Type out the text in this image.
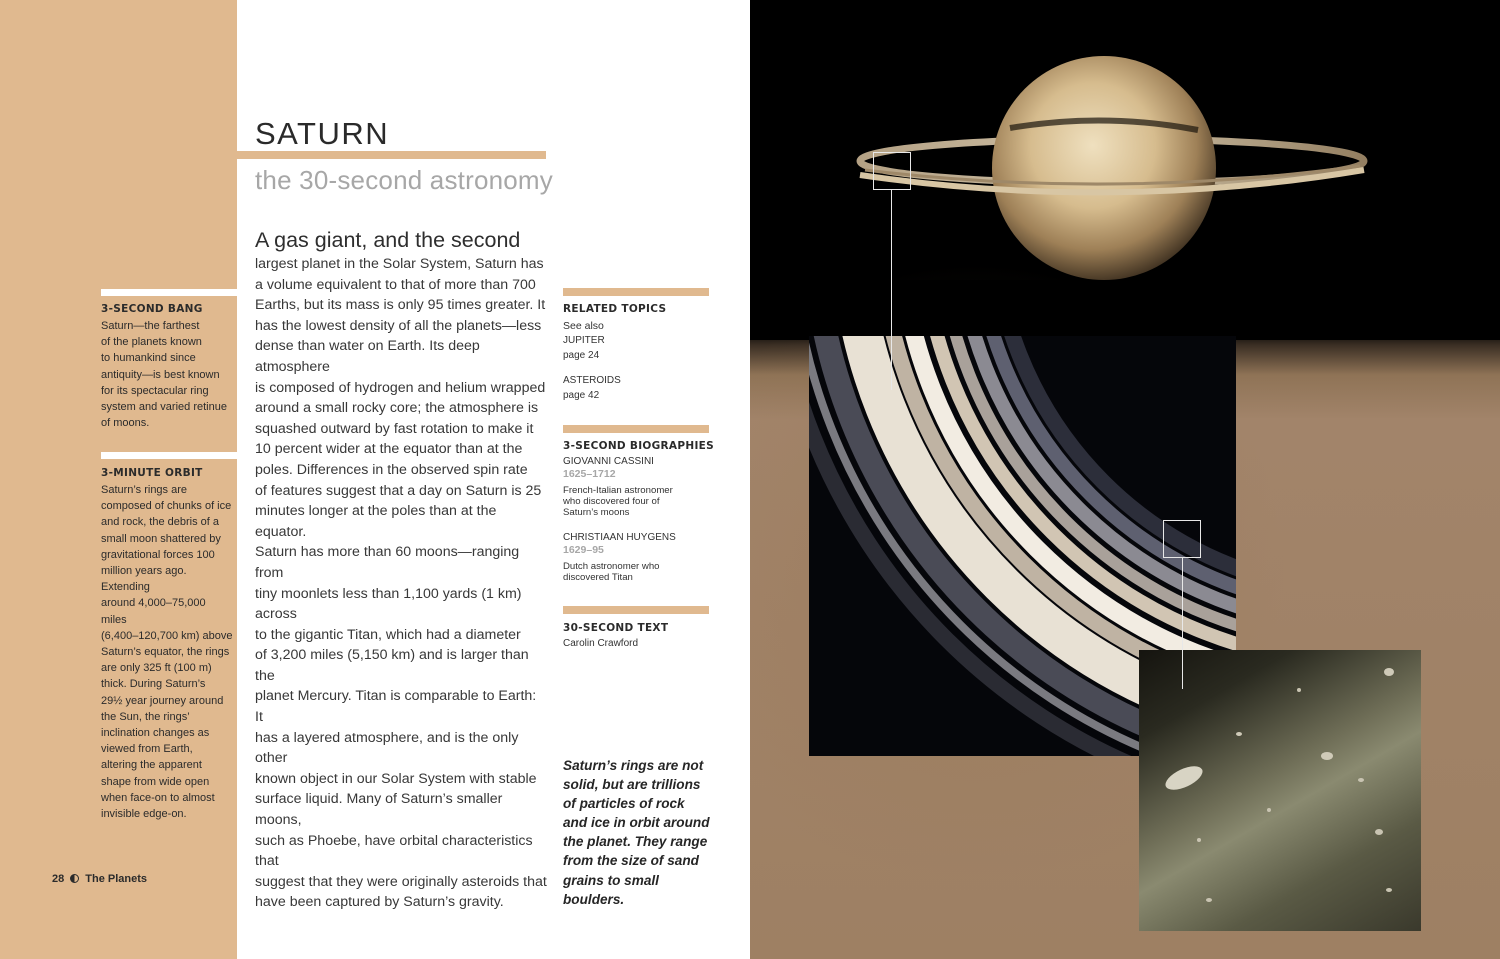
3-SECOND BANG
Saturn—the farthest
of the planets known
to humankind since
antiquity—is best known
for its spectacular ring
system and varied retinue
of moons.
3-MINUTE ORBIT
Saturn’s rings are
composed of chunks of ice
and rock, the debris of a
small moon shattered by
gravitational forces 100
million years ago. Extending
around 4,000–75,000 miles
(6,400–120,700 km) above
Saturn’s equator, the rings
are only 325 ft (100 m)
thick. During Saturn’s
29½ year journey around
the Sun, the rings’
inclination changes as
viewed from Earth,
altering the apparent
shape from wide open
when face-on to almost
invisible edge-on.
28 The Planets
SATURN
the 30-second astronomy
A gas giant, and the second
largest planet in the Solar System, Saturn has
a volume equivalent to that of more than 700
Earths, but its mass is only 95 times greater. It
has the lowest density of all the planets—less
dense than water on Earth. Its deep atmosphere
is composed of hydrogen and helium wrapped
around a small rocky core; the atmosphere is
squashed outward by fast rotation to make it
10 percent wider at the equator than at the
poles. Differences in the observed spin rate
of features suggest that a day on Saturn is 25
minutes longer at the poles than at the equator.
Saturn has more than 60 moons—ranging from
tiny moonlets less than 1,100 yards (1 km) across
to the gigantic Titan, which had a diameter
of 3,200 miles (5,150 km) and is larger than the
planet Mercury. Titan is comparable to Earth: It
has a layered atmosphere, and is the only other
known object in our Solar System with stable
surface liquid. Many of Saturn’s smaller moons,
such as Phoebe, have orbital characteristics that
suggest that they were originally asteroids that
have been captured by Saturn’s gravity.
RELATED TOPICS
See also
JUPITER
page 24
ASTEROIDS
page 42
3-SECOND BIOGRAPHIES
GIOVANNI CASSINI
1625–1712
French-Italian astronomer
who discovered four of
Saturn’s moons
CHRISTIAAN HUYGENS
1629–95
Dutch astronomer who
discovered Titan
30-SECOND TEXT
Carolin Crawford
Saturn’s rings are not
solid, but are trillions
of particles of rock
and ice in orbit around
the planet. They range
from the size of sand
grains to small boulders.
